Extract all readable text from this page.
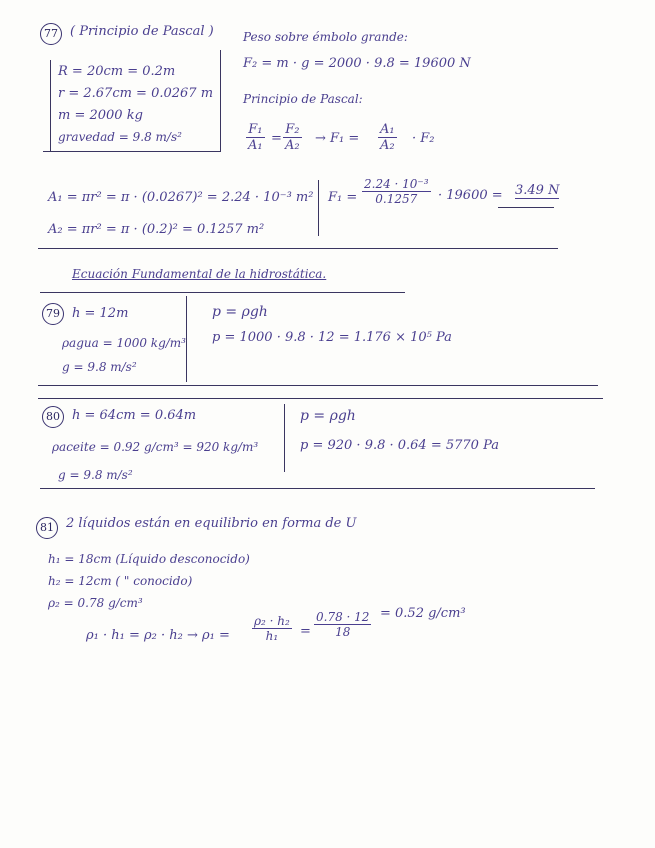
77 ( Principio de Pascal )
R = 20cm = 0.2m
r = 2.67cm = 0.0267 m
m = 2000 kg
gravedad = 9.8 m/s²
Peso sobre émbolo grande:
F₂ = m · g = 2000 · 9.8 = 19600 N
Principio de Pascal:
$\frac{\text{F₁}}{\text{A₁}} = \frac{\text{F₂}}{\text{A₂}} \to F_1 = \frac{\text{A₁}}{\text{A₂}} \cdot F_2$
A₁ = πr² = π · (0.0267)² = 2.24 · 10⁻³ m²
A₂ = πr² = π · (0.2)² = 0.1257 m²
$F_1 = \frac{\text{2.24 · 10⁻³}}{0.1257} \cdot 19600 = 3.49$ N
Ecuación Fundamental de la hidrostática.
79 h = 12m
ρagua = 1000 kg/m³
g = 9.8 m/s²
p = ρgh
p = 1000 · 9.8 · 12 = 1.176 × 10⁵ Pa
80 h = 64cm = 0.64m
ρaceite = 0.92 g/cm³ = 920 kg/m³
g = 9.8 m/s²
p = ρgh
p = 920 · 9.8 · 0.64 = 5770 Pa
81 2 líquidos están en equilibrio en forma de U
h₁ = 18cm (Líquido desconocido)
h₂ = 12cm ( " conocido)
ρ₂ = 0.78 g/cm³
$\rho_1 \cdot h_1 = \rho_2 \cdot h_2 \to \rho_1 = \frac{\text{ρ₂ · h₂}}{\text{h₁}} = \frac{0.78 \cdot 12}{18} = 0.52$ g/cm³
